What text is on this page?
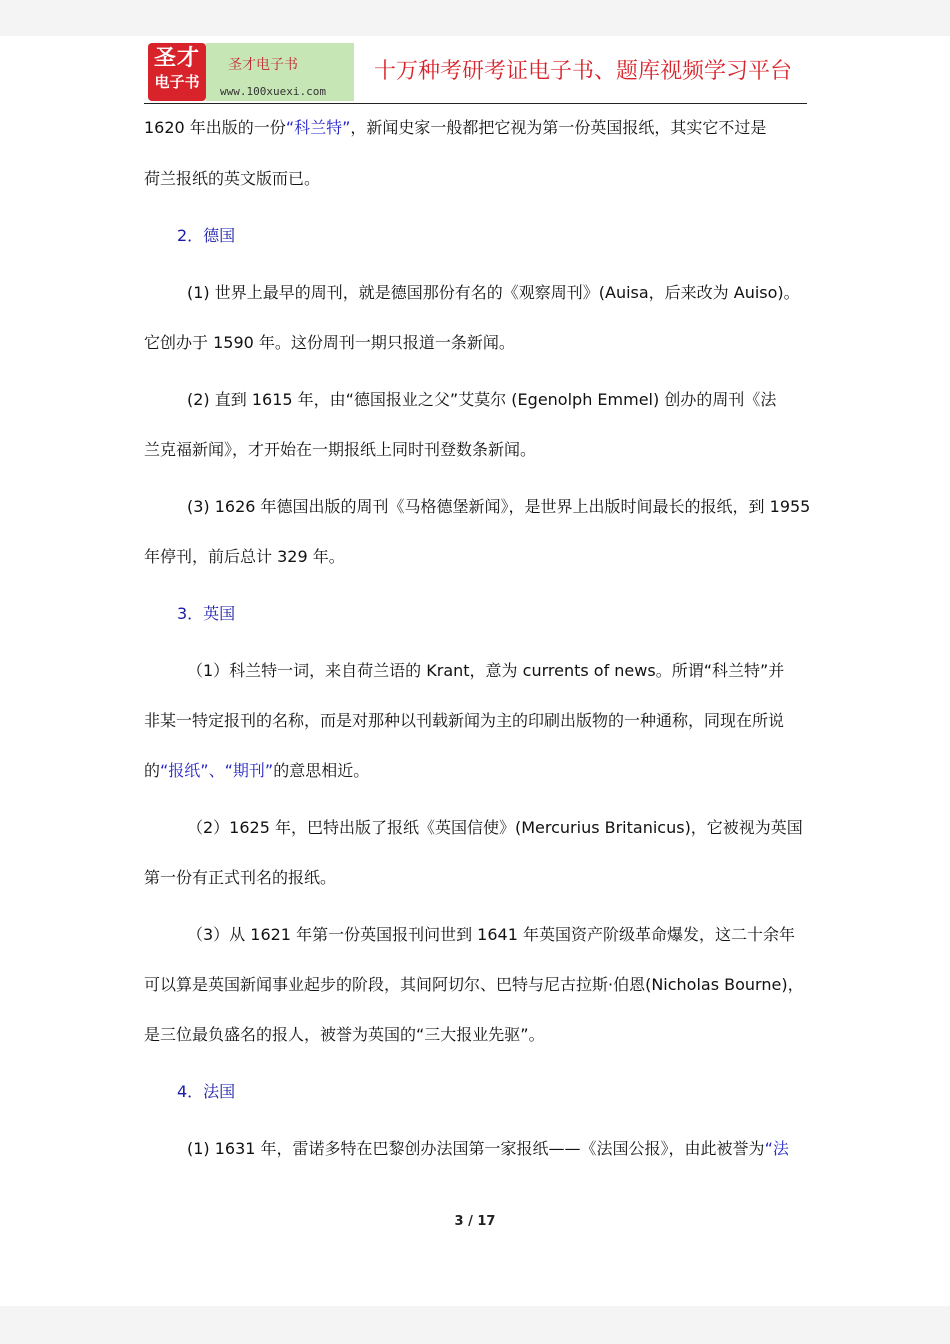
圣才
电子书
圣才电子书
www.100xuexi.com
十万种考研考证电子书、题库视频学习平台
1620 年出版的一份“科兰特”，新闻史家一般都把它视为第一份英国报纸，其实它不过是
荷兰报纸的英文版而已。
2．德国
(1) 世界上最早的周刊，就是德国那份有名的《观察周刊》(Auisa，后来改为 Auiso)。
它创办于 1590 年。这份周刊一期只报道一条新闻。
(2) 直到 1615 年，由“德国报业之父”艾莫尔 (Egenolph Emmel) 创办的周刊《法
兰克福新闻》，才开始在一期报纸上同时刊登数条新闻。
(3) 1626 年德国出版的周刊《马格德堡新闻》，是世界上出版时间最长的报纸，到 1955
年停刊，前后总计 329 年。
3．英国
（1）科兰特一词，来自荷兰语的 Krant，意为 currents of news。所谓“科兰特”并
非某一特定报刊的名称，而是对那种以刊载新闻为主的印刷出版物的一种通称，同现在所说
的“报纸”、“期刊”的意思相近。
（2）1625 年，巴特出版了报纸《英国信使》(Mercurius Britanicus)，它被视为英国
第一份有正式刊名的报纸。
（3）从 1621 年第一份英国报刊问世到 1641 年英国资产阶级革命爆发，这二十余年
可以算是英国新闻事业起步的阶段，其间阿切尔、巴特与尼古拉斯·伯恩(Nicholas Bourne)，
是三位最负盛名的报人，被誉为英国的“三大报业先驱”。
4．法国
(1) 1631 年，雷诺多特在巴黎创办法国第一家报纸——《法国公报》，由此被誉为“法
3 / 17
